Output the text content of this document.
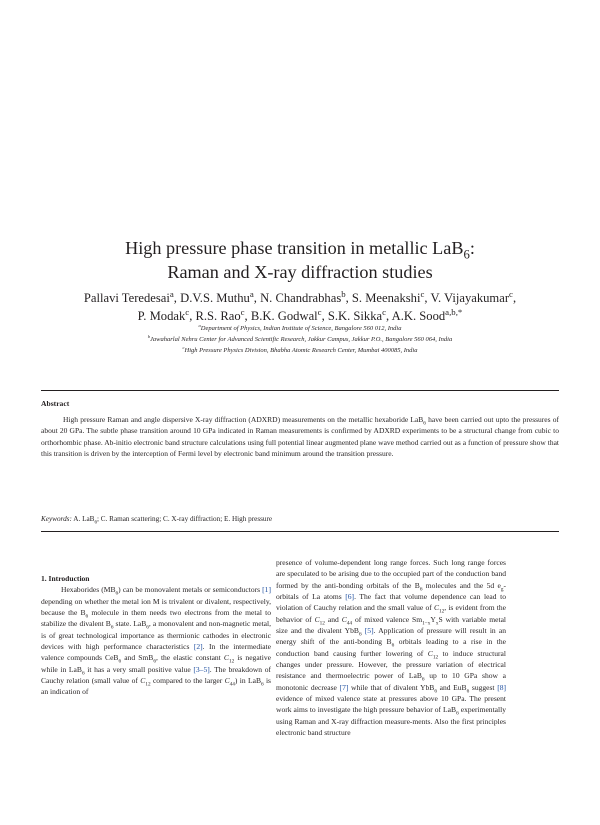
High pressure phase transition in metallic LaB$_6$:
Raman and X-ray diffraction studies
Pallavi Teredesai$^a$, D.V.S. Muthu$^a$, N. Chandrabhas$^b$, S. Meenakshi$^c$, V. Vijayakumar$^c$,
P. Modak$^c$, R.S. Rao$^c$, B.K. Godwal$^c$, S.K. Sikka$^c$, A.K. Sood$^{a,b,*}$
$^a$Department of Physics, Indian Institute of Science, Bangalore 560 012, India
$^b$Jawaharlal Nehru Center for Advanced Scientific Research, Jakkur Campus, Jakkur P.O., Bangalore 560 064, India
$^c$High Pressure Physics Division, Bhabha Atomic Research Center, Mumbai 400085, India
Abstract
High pressure Raman and angle dispersive X-ray diffraction (ADXRD) measurements on the metallic hexaboride LaB$_6$ have been carried out upto the pressures of about 20 GPa. The subtle phase transition around 10 GPa indicated in Raman measurements is confirmed by ADXRD experiments to be a structural change from cubic to orthorhombic phase. Ab-initio electronic band structure calculations using full potential linear augmented plane wave method carried out as a function of pressure show that this transition is driven by the interception of Fermi level by electronic band minimum around the transition pressure.
Keywords: A. LaB$_6$; C. Raman scattering; C. X-ray diffraction; E. High pressure

1. Introduction

Hexaborides $(MB_6)$ can be monovalent metals or semiconductors [1] depending on whether the metal ion M is trivalent or divalent, respectively, because the $B_6$ molecule in them needs two electrons from the metal to stabilize the divalent $B_6$ state. LaB$_6$, a monovalent and non-magnetic metal, is of great technological importance as thermionic cathodes in electronic devices with high performance characteristics [2]. In the intermediate valence compounds CeB$_6$ and SmB$_6$, the elastic constant $C_{12}$ is negative while in LaB$_6$ it has a very small positive value [3–5]. The breakdown of Cauchy relation (small value of $C_{12}$ compared to the larger $C_{44}$) in LaB$_6$ is an indication of

presence of volume-dependent long range forces. Such long range forces are speculated to be arising due to the occupied part of the conduction band formed by the anti-bonding orbitals of the $B_6$ molecules and the 5d $e_g$-orbitals of La atoms [6]. The fact that volume dependence can lead to violation of Cauchy relation and the small value of $C_{12}$, is evident from the behavior of $C_{12}$ and $C_{44}$ of mixed valence $Sm_{1-x}Y_xS$ with variable metal size and the divalent YbB$_6$ [5]. Application of pressure will result in an energy shift of the anti-bonding $B_6$ orbitals leading to a rise in the conduction band causing further lowering of $C_{12}$ to induce structural changes under pressure. However, the pressure variation of electrical resistance and thermoelectric power of LaB$_6$ up to 10 GPa show a monotonic decrease [7] while that of divalent YbB$_6$ and EuB$_6$ suggest [8] evidence of mixed valence state at pressures above 10 GPa. The present work aims to investigate the high pressure behavior of LaB$_6$ experimentally using Raman and X-ray diffraction measure-ments. Also the first principles electronic band structure
